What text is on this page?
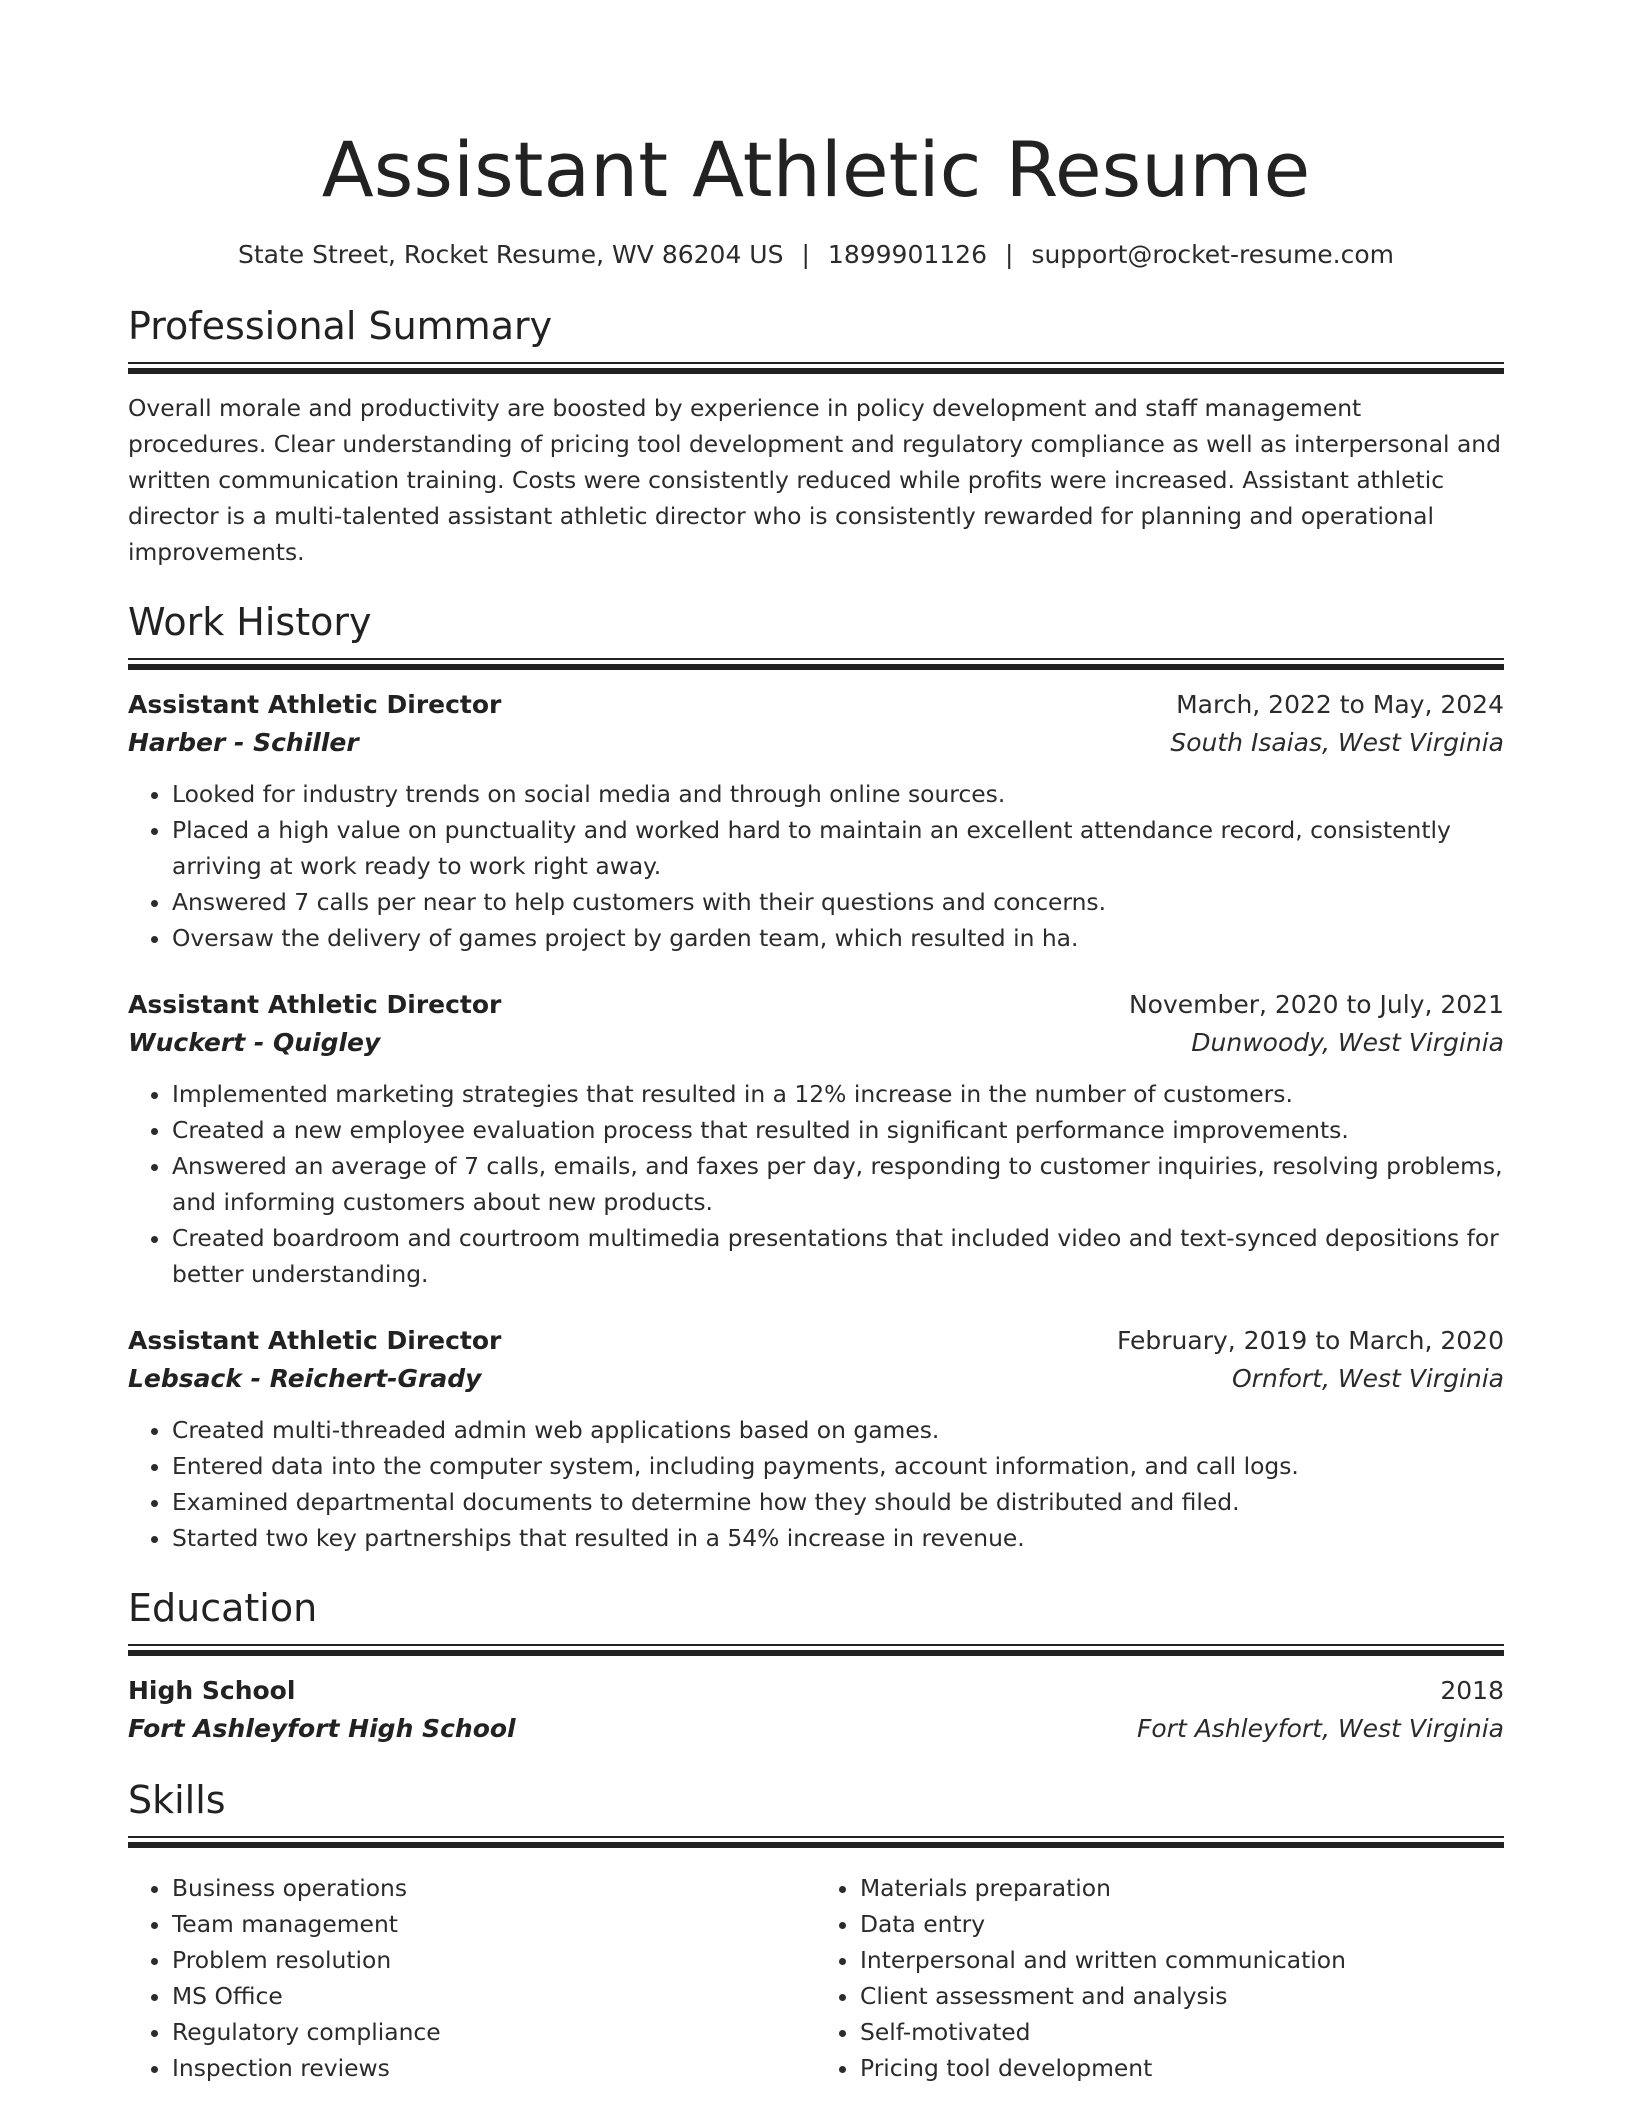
Assistant Athletic Resume
State Street, Rocket Resume, WV 86204 US | 1899901126 | support@rocket-resume.com
Professional Summary

Overall morale and productivity are boosted by experience in policy development and staff management procedures. Clear understanding of pricing tool development and regulatory compliance as well as interpersonal and written communication training. Costs were consistently reduced while profits were increased. Assistant athletic director is a multi-talented assistant athletic director who is consistently rewarded for planning and operational improvements.

Work History
Assistant Athletic Director	March, 2022 to May, 2024
Harber - Schiller	South Isaias, West Virginia
• Looked for industry trends on social media and through online sources.
• Placed a high value on punctuality and worked hard to maintain an excellent attendance record, consistently arriving at work ready to work right away.
• Answered 7 calls per near to help customers with their questions and concerns.
• Oversaw the delivery of games project by garden team, which resulted in ha.
Assistant Athletic Director	November, 2020 to July, 2021
Wuckert - Quigley	Dunwoody, West Virginia
• Implemented marketing strategies that resulted in a 12% increase in the number of customers.
• Created a new employee evaluation process that resulted in significant performance improvements.
• Answered an average of 7 calls, emails, and faxes per day, responding to customer inquiries, resolving problems, and informing customers about new products.
• Created boardroom and courtroom multimedia presentations that included video and text-synced depositions for better understanding.
Assistant Athletic Director	February, 2019 to March, 2020
Lebsack - Reichert-Grady	Ornfort, West Virginia
• Created multi-threaded admin web applications based on games.
• Entered data into the computer system, including payments, account information, and call logs.
• Examined departmental documents to determine how they should be distributed and filed.
• Started two key partnerships that resulted in a 54% increase in revenue.
Education
High School	2018
Fort Ashleyfort High School	Fort Ashleyfort, West Virginia
Skills
• Business operations
• Team management
• Problem resolution
• MS Office
• Regulatory compliance
• Inspection reviews
• Materials preparation
• Data entry
• Interpersonal and written communication
• Client assessment and analysis
• Self-motivated
• Pricing tool development
